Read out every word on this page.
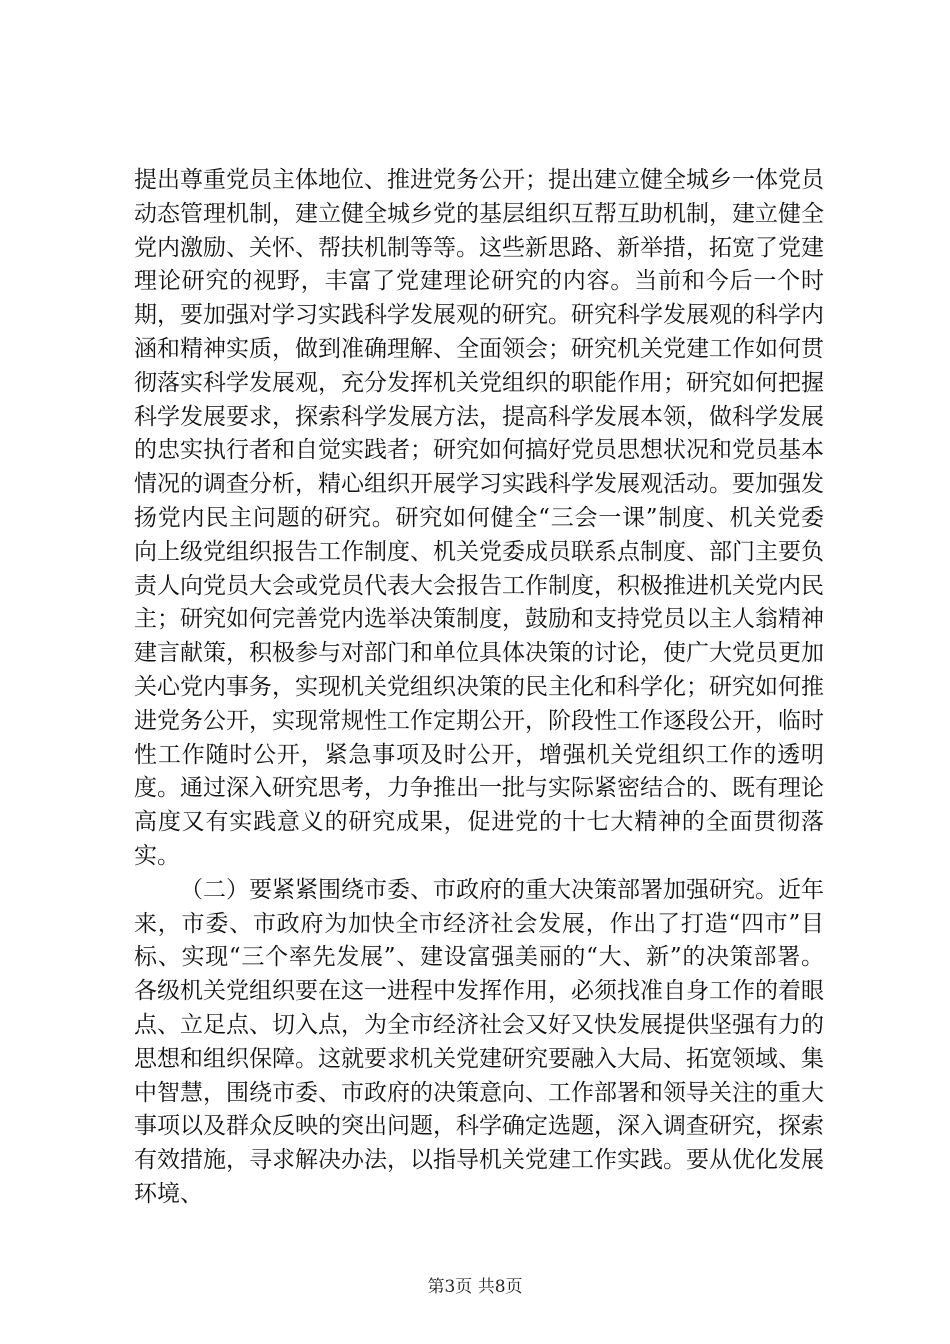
提出尊重党员主体地位、推进党务公开；提出建立健全城乡一体党员动态管理机制，建立健全城乡党的基层组织互帮互助机制，建立健全党内激励、关怀、帮扶机制等等。这些新思路、新举措，拓宽了党建理论研究的视野，丰富了党建理论研究的内容。当前和今后一个时期，要加强对学习实践科学发展观的研究。研究科学发展观的科学内涵和精神实质，做到准确理解、全面领会；研究机关党建工作如何贯彻落实科学发展观，充分发挥机关党组织的职能作用；研究如何把握科学发展要求，探索科学发展方法，提高科学发展本领，做科学发展的忠实执行者和自觉实践者；研究如何搞好党员思想状况和党员基本情况的调查分析，精心组织开展学习实践科学发展观活动。要加强发扬党内民主问题的研究。研究如何健全“三会一课”制度、机关党委向上级党组织报告工作制度、机关党委成员联系点制度、部门主要负责人向党员大会或党员代表大会报告工作制度，积极推进机关党内民主；研究如何完善党内选举决策制度，鼓励和支持党员以主人翁精神建言献策，积极参与对部门和单位具体决策的讨论，使广大党员更加关心党内事务，实现机关党组织决策的民主化和科学化；研究如何推进党务公开，实现常规性工作定期公开，阶段性工作逐段公开，临时性工作随时公开，紧急事项及时公开，增强机关党组织工作的透明度。通过深入研究思考，力争推出一批与实际紧密结合的、既有理论高度又有实践意义的研究成果，促进党的十七大精神的全面贯彻落实。

（二）要紧紧围绕市委、市政府的重大决策部署加强研究。近年来，市委、市政府为加快全市经济社会发展，作出了打造“四市”目标、实现“三个率先发展”、建设富强美丽的“大、新”的决策部署。各级机关党组织要在这一进程中发挥作用，必须找准自身工作的着眼点、立足点、切入点，为全市经济社会又好又快发展提供坚强有力的思想和组织保障。这就要求机关党建研究要融入大局、拓宽领域、集中智慧，围绕市委、市政府的决策意向、工作部署和领导关注的重大事项以及群众反映的突出问题，科学确定选题，深入调查研究，探索有效措施，寻求解决办法，以指导机关党建工作实践。要从优化发展环境、

第3页 共8页
